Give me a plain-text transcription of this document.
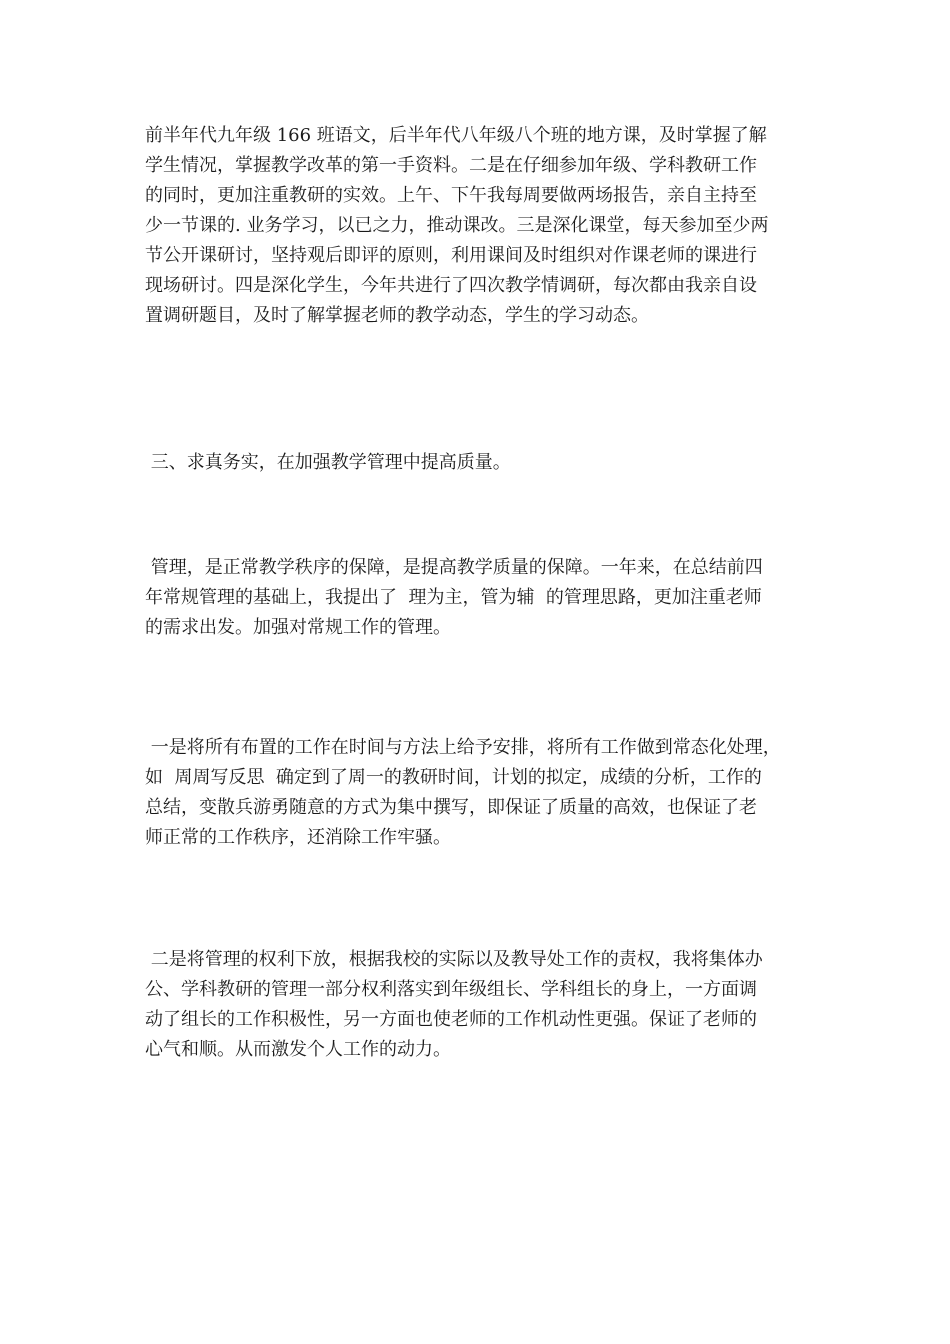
前半年代九年级 166 班语文，后半年代八年级八个班的地方课，及时掌握了解
学生情况，掌握教学改革的第一手资料。二是在仔细参加年级、学科教研工作
的同时，更加注重教研的实效。上午、下午我每周要做两场报告，亲自主持至
少一节课的. 业务学习，以已之力，推动课改。三是深化课堂，每天参加至少两
节公开课研讨，坚持观后即评的原则，利用课间及时组织对作课老师的课进行
现场研讨。四是深化学生，今年共进行了四次教学情调研，每次都由我亲自设
置调研题目，及时了解掌握老师的教学动态，学生的学习动态。
三、求真务实，在加强教学管理中提高质量。
管理，是正常教学秩序的保障，是提高教学质量的保障。一年来，在总结前四
年常规管理的基础上，我提出了  理为主，管为辅  的管理思路，更加注重老师
的需求出发。加强对常规工作的管理。
一是将所有布置的工作在时间与方法上给予安排，将所有工作做到常态化处理，
如  周周写反思  确定到了周一的教研时间，计划的拟定，成绩的分析，工作的
总结，变散兵游勇随意的方式为集中撰写，即保证了质量的高效，也保证了老
师正常的工作秩序，还消除工作牢骚。
二是将管理的权利下放，根据我校的实际以及教导处工作的责权，我将集体办
公、学科教研的管理一部分权利落实到年级组长、学科组长的身上，一方面调
动了组长的工作积极性，另一方面也使老师的工作机动性更强。保证了老师的
心气和顺。从而激发个人工作的动力。
